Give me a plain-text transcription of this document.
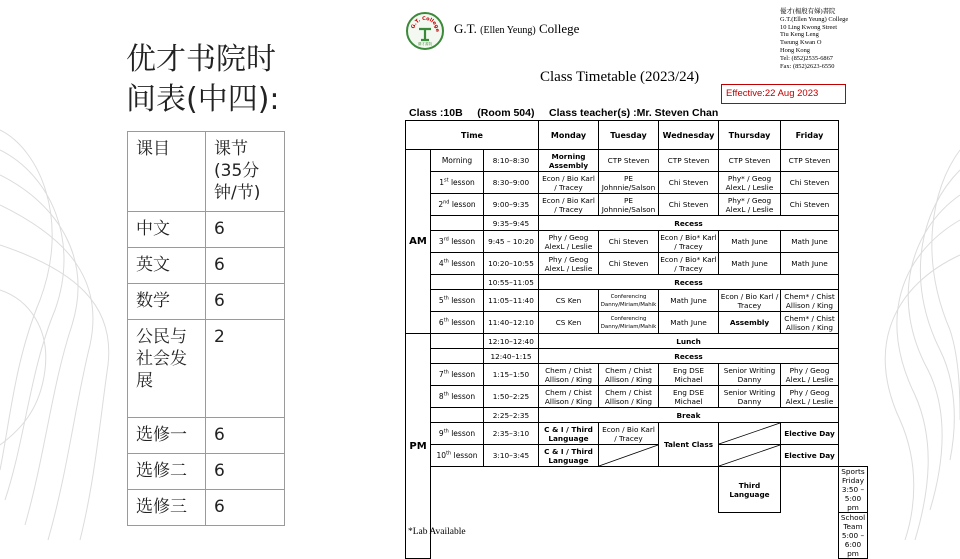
优才书院时
间表(中四):
课目	课节(35分钟/节)
中文	6
英文	6
数学	6
公民与社会发展	2
选修一	6
选修二	6
选修三	6
G.T. College
優才書院
G.T. (Ellen Yeung) College
優才(楊殷有娣)書院
G.T.(Ellen Yeung) College
10 Ling Kwong Street
Tiu Keng Leng
Tseung Kwan O
Hong Kong
Tel: (852)2535-6867
Fax: (852)2623-6550
Class Timetable (2023/24)
Effective:22 Aug 2023
Class :10B     (Room 504)     Class teacher(s) :Mr. Steven Chan
Time			Monday	Tuesday	Wednesday	Thursday	Friday	
AM	Morning	8:10–8:30	Morning Assembly	CTP Steven	CTP Steven	CTP Steven	CTP Steven	
	1st lesson	8:30–9:00	Econ / Bio Karl / Tracey	PE Johnnie/Salson	Chi Steven	Phy* / Geog AlexL / Leslie	Chi Steven	
	2nd lesson	9:00–9:35	Econ / Bio Karl / Tracey	PE Johnnie/Salson	Chi Steven	Phy* / Geog AlexL / Leslie	Chi Steven	
		9:35–9:45	Recess					
	3rd lesson	9:45 – 10:20	Phy / Geog AlexL / Leslie	Chi Steven	Econ / Bio* Karl / Tracey	Math June	Math June	
	4th lesson	10:20–10:55	Phy / Geog AlexL / Leslie	Chi Steven	Econ / Bio* Karl / Tracey	Math June	Math June	
		10:55–11:05	Recess					
	5th lesson	11:05–11:40	CS Ken	Conferencing Danny/Miriam/Mahik	Math June	Econ / Bio Karl / Tracey	Chem* / Chist Allison / King	
	6th lesson	11:40–12:10	CS Ken	Conferencing Danny/Miriam/Mahik	Math June	Assembly	Chem* / Chist Allison / King	
PM		12:10–12:40	Lunch					
		12:40–1:15	Recess					
	7th lesson	1:15–1:50	Chem / Chist Allison / King	Chem / Chist Allison / King	Eng DSE Michael	Senior Writing Danny	Phy / Geog AlexL / Leslie	
	8th lesson	1:50–2:25	Chem / Chist Allison / King	Chem / Chist Allison / King	Eng DSE Michael	Senior Writing Danny	Phy / Geog AlexL / Leslie	
		2:25–2:35	Break					
	9th lesson	2:35–3:10	C & I / Third Language	Econ / Bio Karl / Tracey	Talent Class		Elective Day	
	10th lesson	3:10–3:45	C & I / Third Language				Elective Day	
						Third Language		Sports Friday 3:50 – 5:00 pm
								School Team 5:00 – 6:00 pm
*Lab Available
